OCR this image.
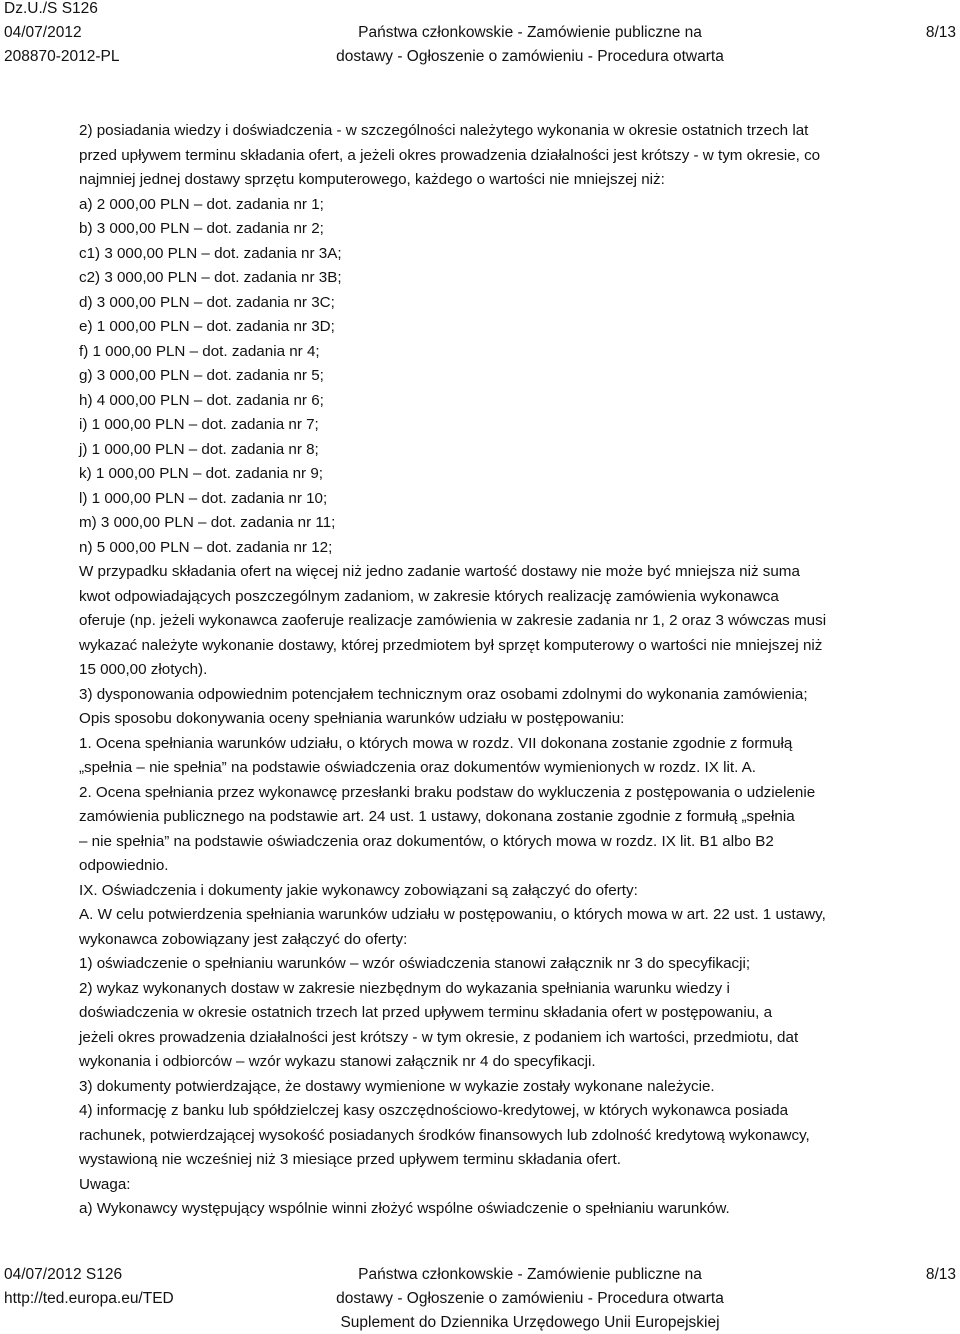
Dz.U./S S126
04/07/2012
208870-2012-PL
Państwa członkowskie - Zamówienie publiczne na
dostawy - Ogłoszenie o zamówieniu - Procedura otwarta
8/13

2) posiadania wiedzy i doświadczenia - w szczególności należytego wykonania w okresie ostatnich trzech lat

przed upływem terminu składania ofert, a jeżeli okres prowadzenia działalności jest krótszy - w tym okresie, co

najmniej jednej dostawy sprzętu komputerowego, każdego o wartości nie mniejszej niż:

a) 2 000,00 PLN – dot. zadania nr 1;

b) 3 000,00 PLN – dot. zadania nr 2;

c1) 3 000,00 PLN – dot. zadania nr 3A;

c2) 3 000,00 PLN – dot. zadania nr 3B;

d) 3 000,00 PLN – dot. zadania nr 3C;

e) 1 000,00 PLN – dot. zadania nr 3D;

f) 1 000,00 PLN – dot. zadania nr 4;

g) 3 000,00 PLN – dot. zadania nr 5;

h) 4 000,00 PLN – dot. zadania nr 6;

i) 1 000,00 PLN – dot. zadania nr 7;

j) 1 000,00 PLN – dot. zadania nr 8;

k) 1 000,00 PLN – dot. zadania nr 9;

l) 1 000,00 PLN – dot. zadania nr 10;

m) 3 000,00 PLN – dot. zadania nr 11;

n) 5 000,00 PLN – dot. zadania nr 12;

W przypadku składania ofert na więcej niż jedno zadanie wartość dostawy nie może być mniejsza niż suma

kwot odpowiadających poszczególnym zadaniom, w zakresie których realizację zamówienia wykonawca

oferuje (np. jeżeli wykonawca zaoferuje realizacje zamówienia w zakresie zadania nr 1, 2 oraz 3 wówczas musi

wykazać należyte wykonanie dostawy, której przedmiotem był sprzęt komputerowy o wartości nie mniejszej niż

15 000,00 złotych).

3) dysponowania odpowiednim potencjałem technicznym oraz osobami zdolnymi do wykonania zamówienia;

Opis sposobu dokonywania oceny spełniania warunków udziału w postępowaniu:

1. Ocena spełniania warunków udziału, o których mowa w rozdz. VII dokonana zostanie zgodnie z formułą

„spełnia – nie spełnia” na podstawie oświadczenia oraz dokumentów wymienionych w rozdz. IX lit. A.

2. Ocena spełniania przez wykonawcę przesłanki braku podstaw do wykluczenia z postępowania o udzielenie

zamówienia publicznego na podstawie art. 24 ust. 1 ustawy, dokonana zostanie zgodnie z formułą „spełnia

– nie spełnia” na podstawie oświadczenia oraz dokumentów, o których mowa w rozdz. IX lit. B1 albo B2

odpowiednio.

IX. Oświadczenia i dokumenty jakie wykonawcy zobowiązani są załączyć do oferty:

A. W celu potwierdzenia spełniania warunków udziału w postępowaniu, o których mowa w art. 22 ust. 1 ustawy,

wykonawca zobowiązany jest załączyć do oferty:

1) oświadczenie o spełnianiu warunków – wzór oświadczenia stanowi załącznik nr 3 do specyfikacji;

2) wykaz wykonanych dostaw w zakresie niezbędnym do wykazania spełniania warunku wiedzy i

doświadczenia w okresie ostatnich trzech lat przed upływem terminu składania ofert w postępowaniu, a

jeżeli okres prowadzenia działalności jest krótszy - w tym okresie, z podaniem ich wartości, przedmiotu, dat

wykonania i odbiorców – wzór wykazu stanowi załącznik nr 4 do specyfikacji.

3) dokumenty potwierdzające, że dostawy wymienione w wykazie zostały wykonane należycie.

4) informację z banku lub spółdzielczej kasy oszczędnościowo-kredytowej, w których wykonawca posiada

rachunek, potwierdzającej wysokość posiadanych środków finansowych lub zdolność kredytową wykonawcy,

wystawioną nie wcześniej niż 3 miesiące przed upływem terminu składania ofert.

Uwaga:

a) Wykonawcy występujący wspólnie winni złożyć wspólne oświadczenie o spełnianiu warunków.

04/07/2012 S126
http://ted.europa.eu/TED
Państwa członkowskie - Zamówienie publiczne na
dostawy - Ogłoszenie o zamówieniu - Procedura otwarta
Suplement do Dziennika Urzędowego Unii Europejskiej
8/13
